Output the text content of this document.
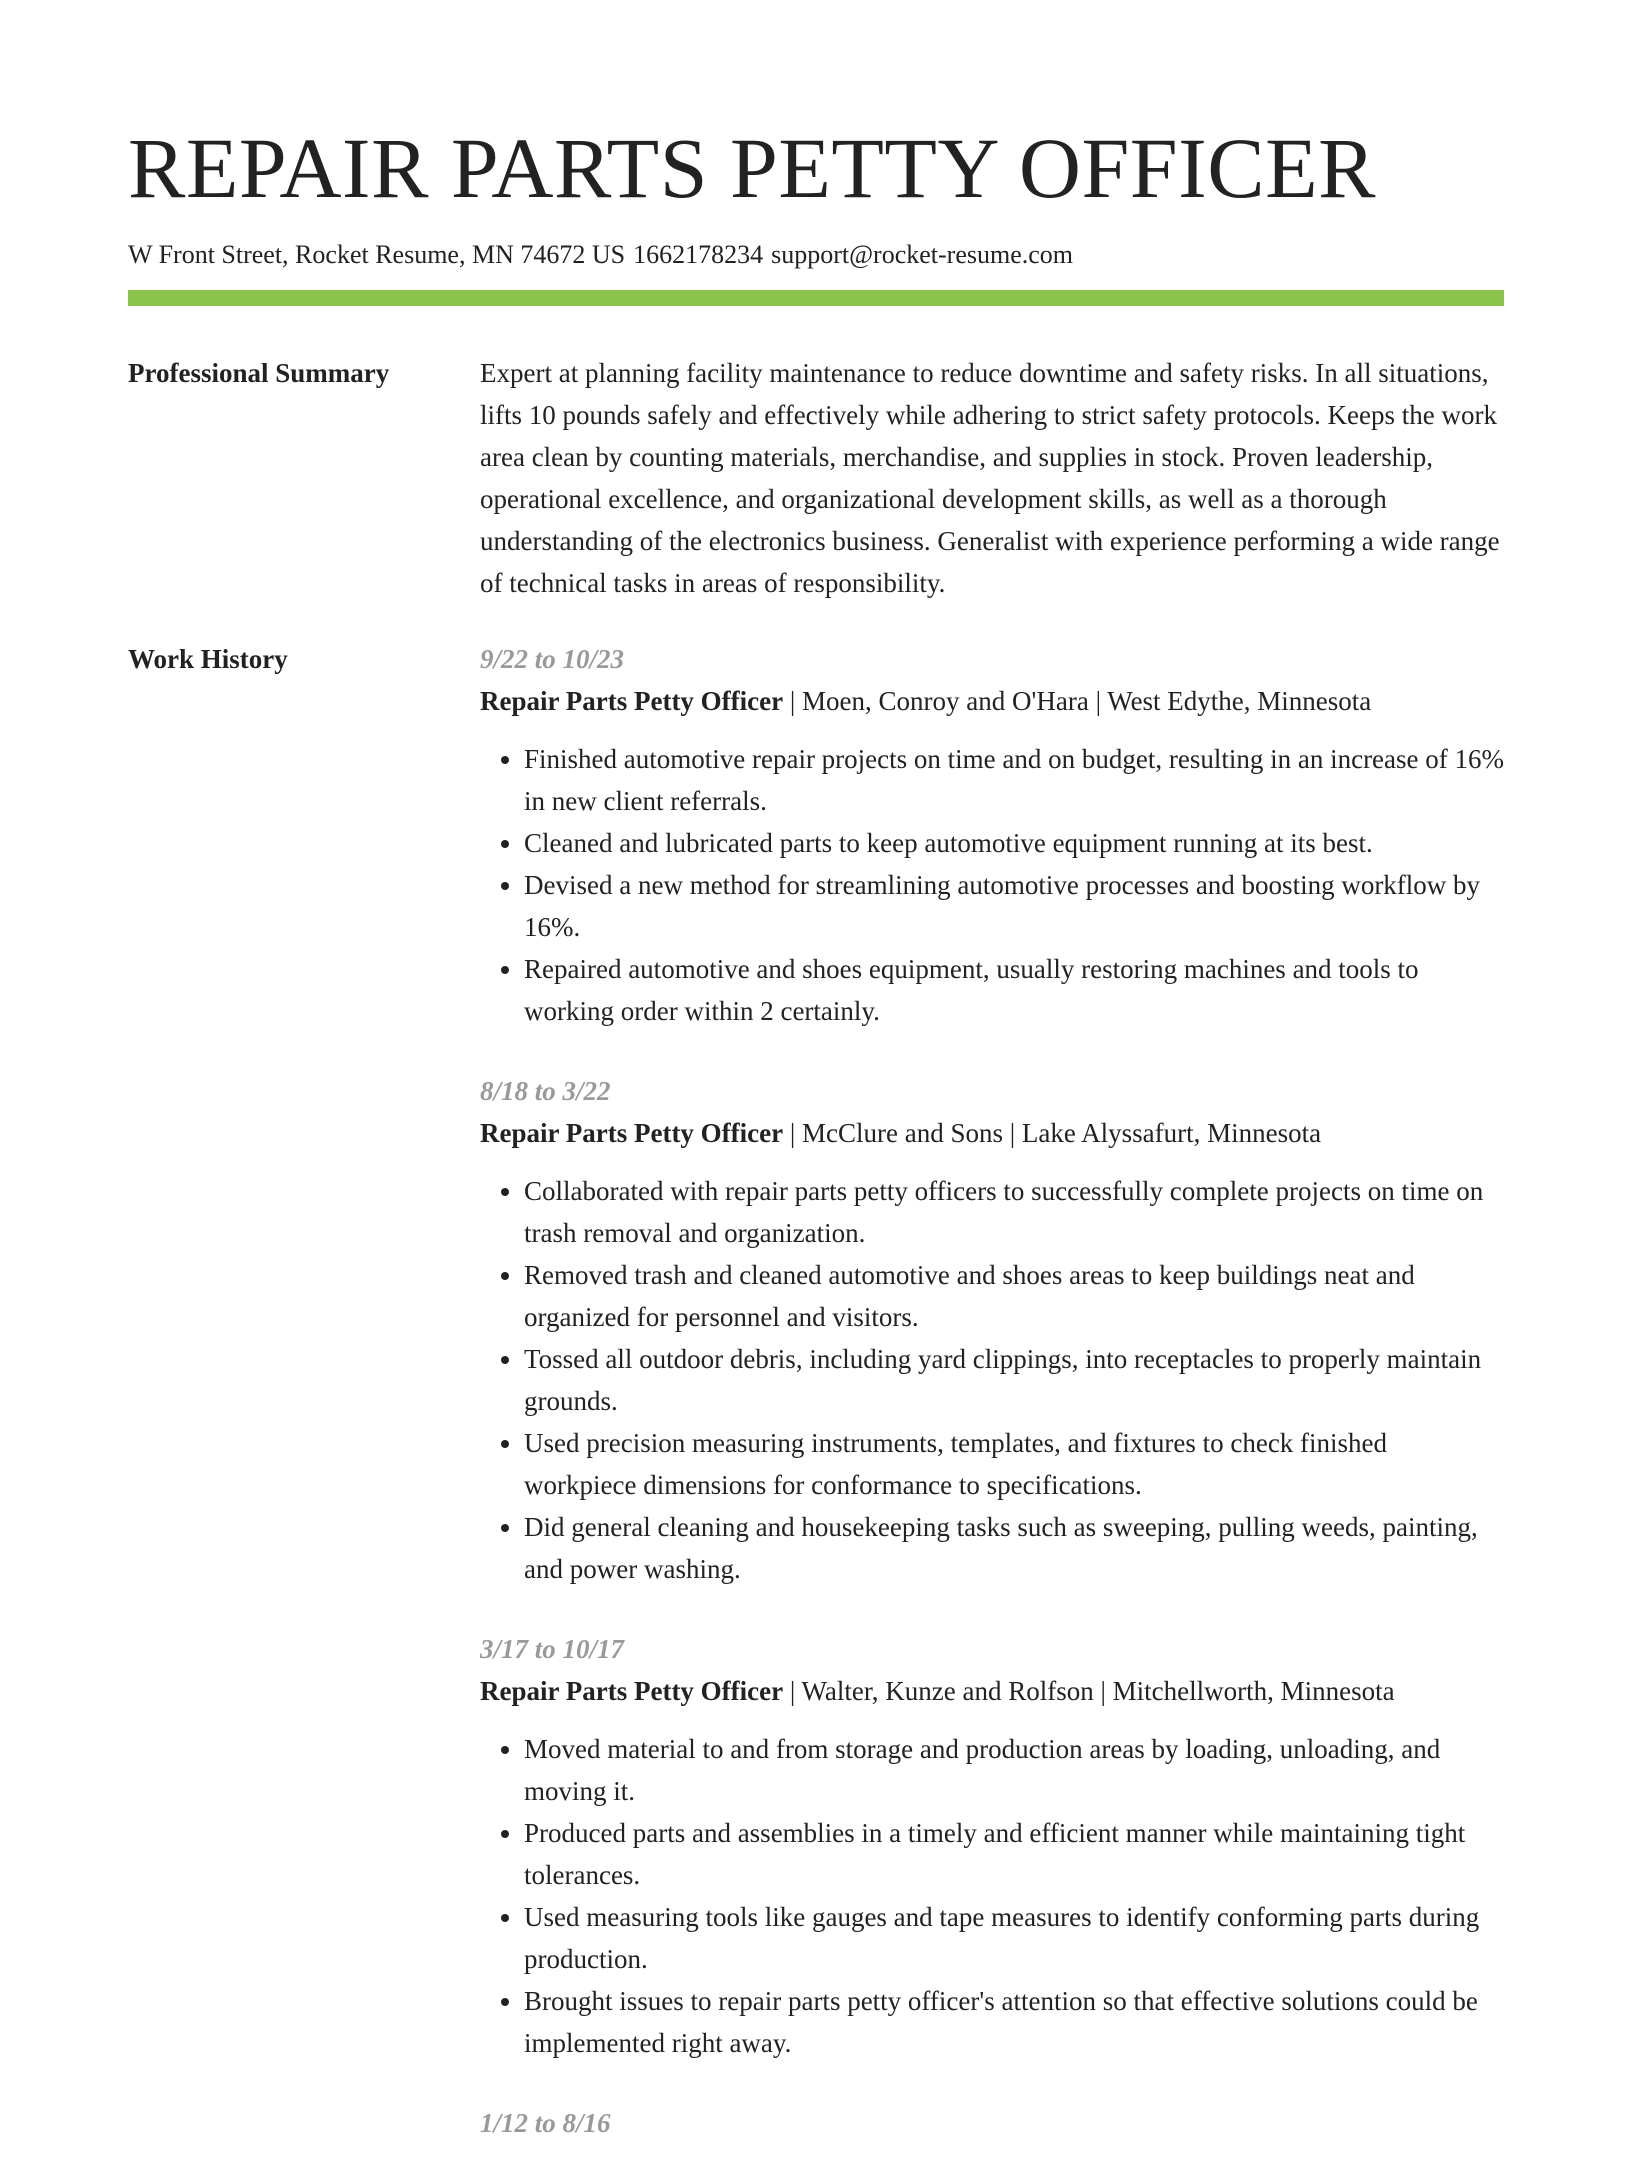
REPAIR PARTS PETTY OFFICER
W Front Street, Rocket Resume, MN 74672 US 1662178234 support@rocket-resume.com
Professional Summary	Expert at planning facility maintenance to reduce downtime and safety risks. In all situations, lifts 10 pounds safely and effectively while adhering to strict safety protocols. Keeps the work area clean by counting materials, merchandise, and supplies in stock. Proven leadership, operational excellence, and organizational development skills, as well as a thorough understanding of the electronics business. Generalist with experience performing a wide range of technical tasks in areas of responsibility.

Work History	9/22 to 10/23
Repair Parts Petty Officer | Moen, Conroy and O'Hara | West Edythe, Minnesota
• Finished automotive repair projects on time and on budget, resulting in an increase of 16% in new client referrals.
• Cleaned and lubricated parts to keep automotive equipment running at its best.
• Devised a new method for streamlining automotive processes and boosting workflow by 16%.
• Repaired automotive and shoes equipment, usually restoring machines and tools to working order within 2 certainly.
8/18 to 3/22
Repair Parts Petty Officer | McClure and Sons | Lake Alyssafurt, Minnesota
• Collaborated with repair parts petty officers to successfully complete projects on time on trash removal and organization.
• Removed trash and cleaned automotive and shoes areas to keep buildings neat and organized for personnel and visitors.
• Tossed all outdoor debris, including yard clippings, into receptacles to properly maintain grounds.
• Used precision measuring instruments, templates, and fixtures to check finished workpiece dimensions for conformance to specifications.
• Did general cleaning and housekeeping tasks such as sweeping, pulling weeds, painting, and power washing.
3/17 to 10/17
Repair Parts Petty Officer | Walter, Kunze and Rolfson | Mitchellworth, Minnesota
• Moved material to and from storage and production areas by loading, unloading, and moving it.
• Produced parts and assemblies in a timely and efficient manner while maintaining tight tolerances.
• Used measuring tools like gauges and tape measures to identify conforming parts during production.
• Brought issues to repair parts petty officer's attention so that effective solutions could be implemented right away.
1/12 to 8/16
